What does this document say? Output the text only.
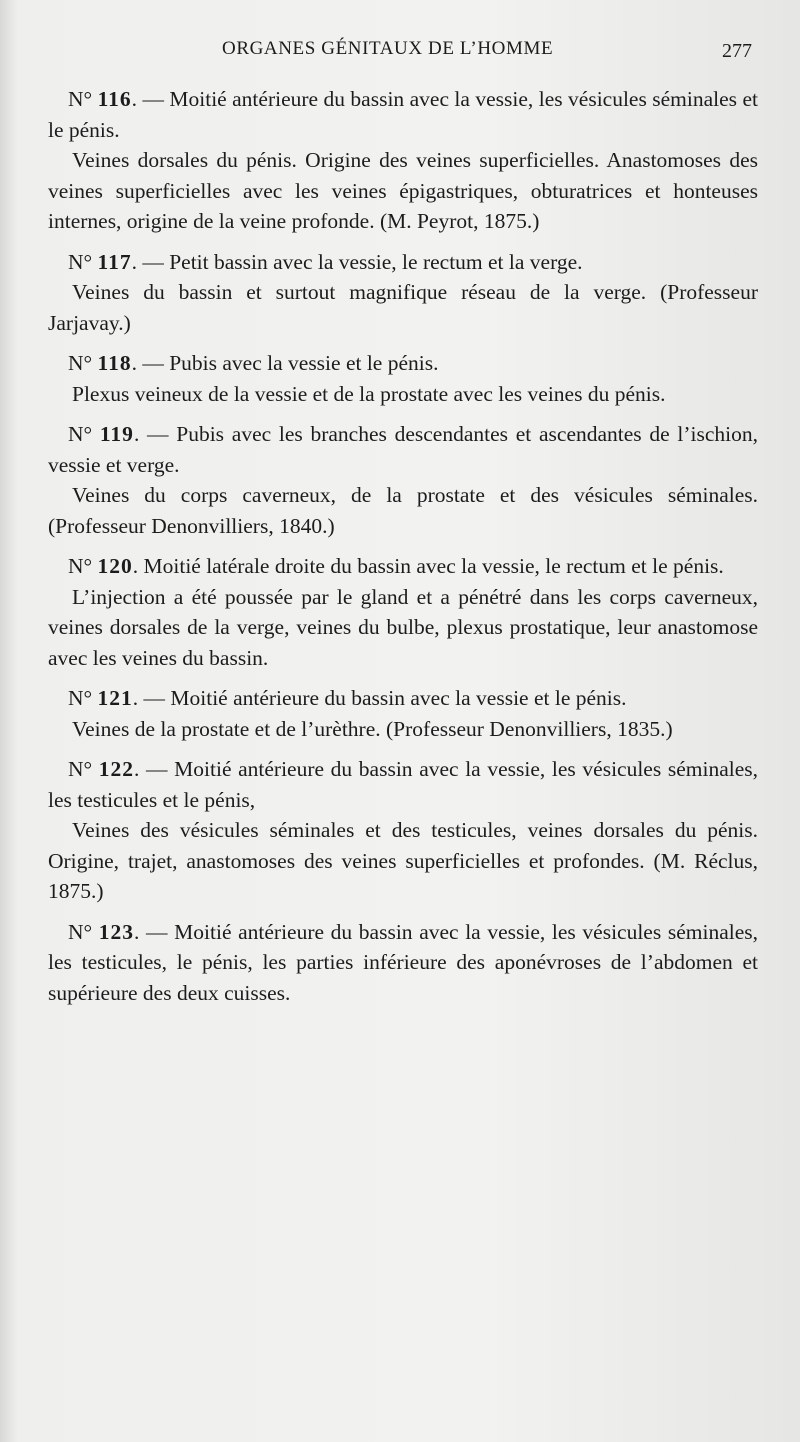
ORGANES GÉNITAUX DE L’HOMME	277

N° 116. — Moitié antérieure du bassin avec la vessie, les vésicules séminales et le pénis.

Veines dorsales du pénis. Origine des veines superficielles. Anastomoses des veines superficielles avec les veines épigastriques, obturatrices et honteuses internes, origine de la veine profonde. (M. Peyrot, 1875.)

N° 117. — Petit bassin avec la vessie, le rectum et la verge.

Veines du bassin et surtout magnifique réseau de la verge. (Professeur Jarjavay.)

N° 118. — Pubis avec la vessie et le pénis.

Plexus veineux de la vessie et de la prostate avec les veines du pénis.

N° 119. — Pubis avec les branches descendantes et ascendantes de l’ischion, vessie et verge.

Veines du corps caverneux, de la prostate et des vésicules séminales. (Professeur Denonvilliers, 1840.)

N° 120. Moitié latérale droite du bassin avec la vessie, le rectum et le pénis.

L’injection a été poussée par le gland et a pénétré dans les corps caverneux, veines dorsales de la verge, veines du bulbe, plexus prostatique, leur anastomose avec les veines du bassin.

N° 121. — Moitié antérieure du bassin avec la vessie et le pénis.

Veines de la prostate et de l’urèthre. (Professeur Denonvilliers, 1835.)

N° 122. — Moitié antérieure du bassin avec la vessie, les vésicules séminales, les testicules et le pénis,

Veines des vésicules séminales et des testicules, veines dorsales du pénis. Origine, trajet, anastomoses des veines superficielles et profondes. (M. Réclus, 1875.)

N° 123. — Moitié antérieure du bassin avec la vessie, les vésicules séminales, les testicules, le pénis, les parties inférieure des aponévroses de l’abdomen et supérieure des deux cuisses.
